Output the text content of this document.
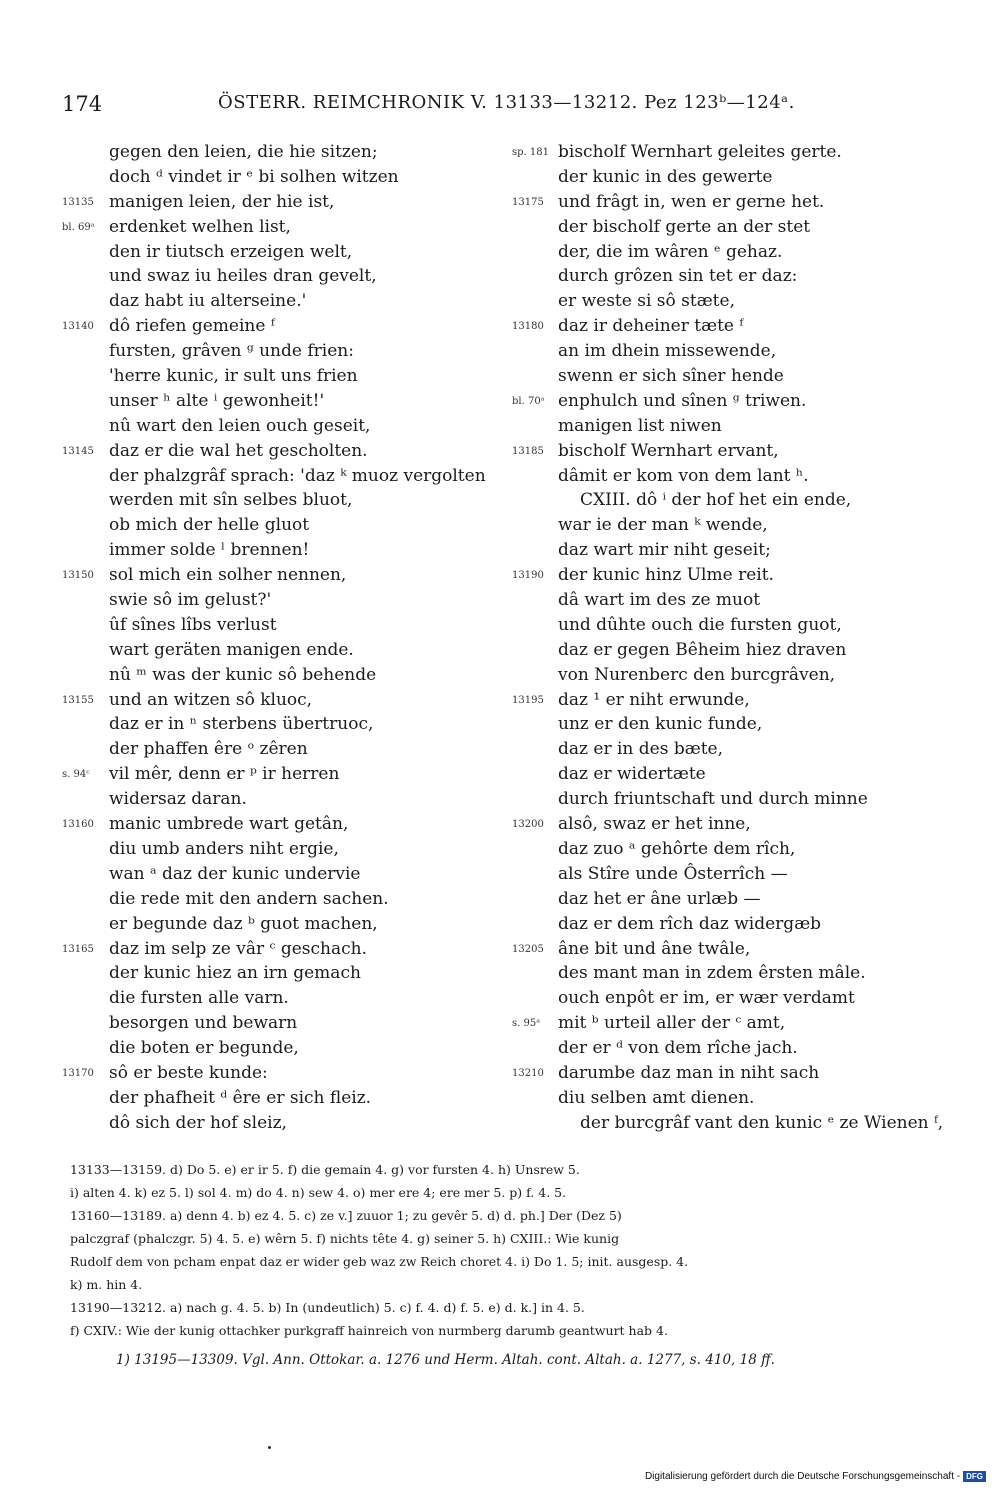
174	ÖSTERR. REIMCHRONIK V. 13133—13212. Pez 123ᵇ—124ᵃ.
gegen den leien, die hie sitzen;
doch ᵈ vindet ir ᵉ bi solhen witzen
13135 manigen leien, der hie ist,
bl. 69ᵃ erdenket welhen list,
den ir tiutsch erzeigen welt,
und swaz iu heiles dran gevelt,
daz habt iu alterseine.'
13140 dô riefen gemeine ᶠ
fursten, grâven ᵍ unde frien:
'herre kunic, ir sult uns frien
unser ʰ alte ⁱ gewonheit!'
nû wart den leien ouch geseit,
13145 daz er die wal het gescholten.
der phalzgrâf sprach: 'daz ᵏ muoz vergolten
werden mit sîn selbes bluot,
ob mich der helle gluot
immer solde ˡ brennen!
13150 sol mich ein solher nennen,
swie sô im gelust?'
ûf sînes lîbs verlust
wart geräten manigen ende.
nû ᵐ was der kunic sô behende
13155 und an witzen sô kluoc,
daz er in ⁿ sterbens übertruoc,
der phaffen êre ᵒ zêren
s. 94ᶜ vil mêr, denn er ᵖ ir herren
widersaz daran.
13160 manic umbrede wart getân,
diu umb anders niht ergie,
wan ᵃ daz der kunic undervie
die rede mit den andern sachen.
er begunde daz ᵇ guot machen,
13165 daz im selp ze vâr ᶜ geschach.
der kunic hiez an irn gemach
die fursten alle varn.
besorgen und bewarn
die boten er begunde,
13170 sô er beste kunde:
der phafheit ᵈ êre er sich fleiz.
dô sich der hof sleiz,
sp. 181 bischolf Wernhart geleites gerte.
der kunic in des gewerte
13175 und frâgt in, wen er gerne het.
der bischolf gerte an der stet
der, die im wâren ᵉ gehaz.
durch grôzen sin tet er daz:
er weste si sô stæte,
13180 daz ir deheiner tæte ᶠ
an im dhein missewende,
swenn er sich sîner hende
bl. 70ᵃ enphulch und sînen ᵍ triwen.
manigen list niwen
13185 bischolf Wernhart ervant,
dâmit er kom von dem lant ʰ.
CXIII. dô ⁱ der hof het ein ende,
war ie der man ᵏ wende,
daz wart mir niht geseit;
13190 der kunic hinz Ulme reit.
dâ wart im des ze muot
und dûhte ouch die fursten guot,
daz er gegen Bêheim hiez draven
von Nurenberc den burcgrâven,
13195 daz ¹ er niht erwunde,
unz er den kunic funde,
daz er in des bæte,
daz er widertæte
durch friuntschaft und durch minne
13200 alsô, swaz er het inne,
daz zuo ᵃ gehôrte dem rîch,
als Stîre unde Ôsterrîch —
daz het er âne urlæb —
daz er dem rîch daz widergæb
13205 âne bit und âne twâle,
des mant man in zdem êrsten mâle.
ouch enpôt er im, er wær verdamt
s. 95ᵃ mit ᵇ urteil aller der ᶜ amt,
der er ᵈ von dem rîche jach.
13210 darumbe daz man in niht sach
diu selben amt dienen.
der burcgrâf vant den kunic ᵉ ze Wienen ᶠ,
13133—13159. d) Do 5. e) er ir 5. f) die gemain 4. g) vor fursten 4. h) Unsrew 5.
i) alten 4. k) ez 5. l) sol 4. m) do 4. n) sew 4. o) mer ere 4; ere mer 5. p) f. 4. 5.
13160—13189. a) denn 4. b) ez 4. 5. c) ze v.] zuuor 1; zu gevêr 5. d) d. ph.] Der (Dez 5)
palczgraf (phalczgr. 5) 4. 5. e) wêrn 5. f) nichts tête 4. g) seiner 5. h) CXIII.: Wie kunig
Rudolf dem von pcham enpat daz er wider geb waz zw Reich choret 4. i) Do 1. 5; init. ausgesp. 4.
k) m. hin 4.
13190—13212. a) nach g. 4. 5. b) In (undeutlich) 5. c) f. 4. d) f. 5. e) d. k.] in 4. 5.
f) CXIV.: Wie der kunig ottachker purkgraff hainreich von nurmberg darumb geantwurt hab 4.
1) 13195—13309. Vgl. Ann. Ottokar. a. 1276 und Herm. Altah. cont. Altah. a. 1277, s. 410, 18 ff.
Digitalisierung gefördert durch die Deutsche Forschungsgemeinschaft - DFG
